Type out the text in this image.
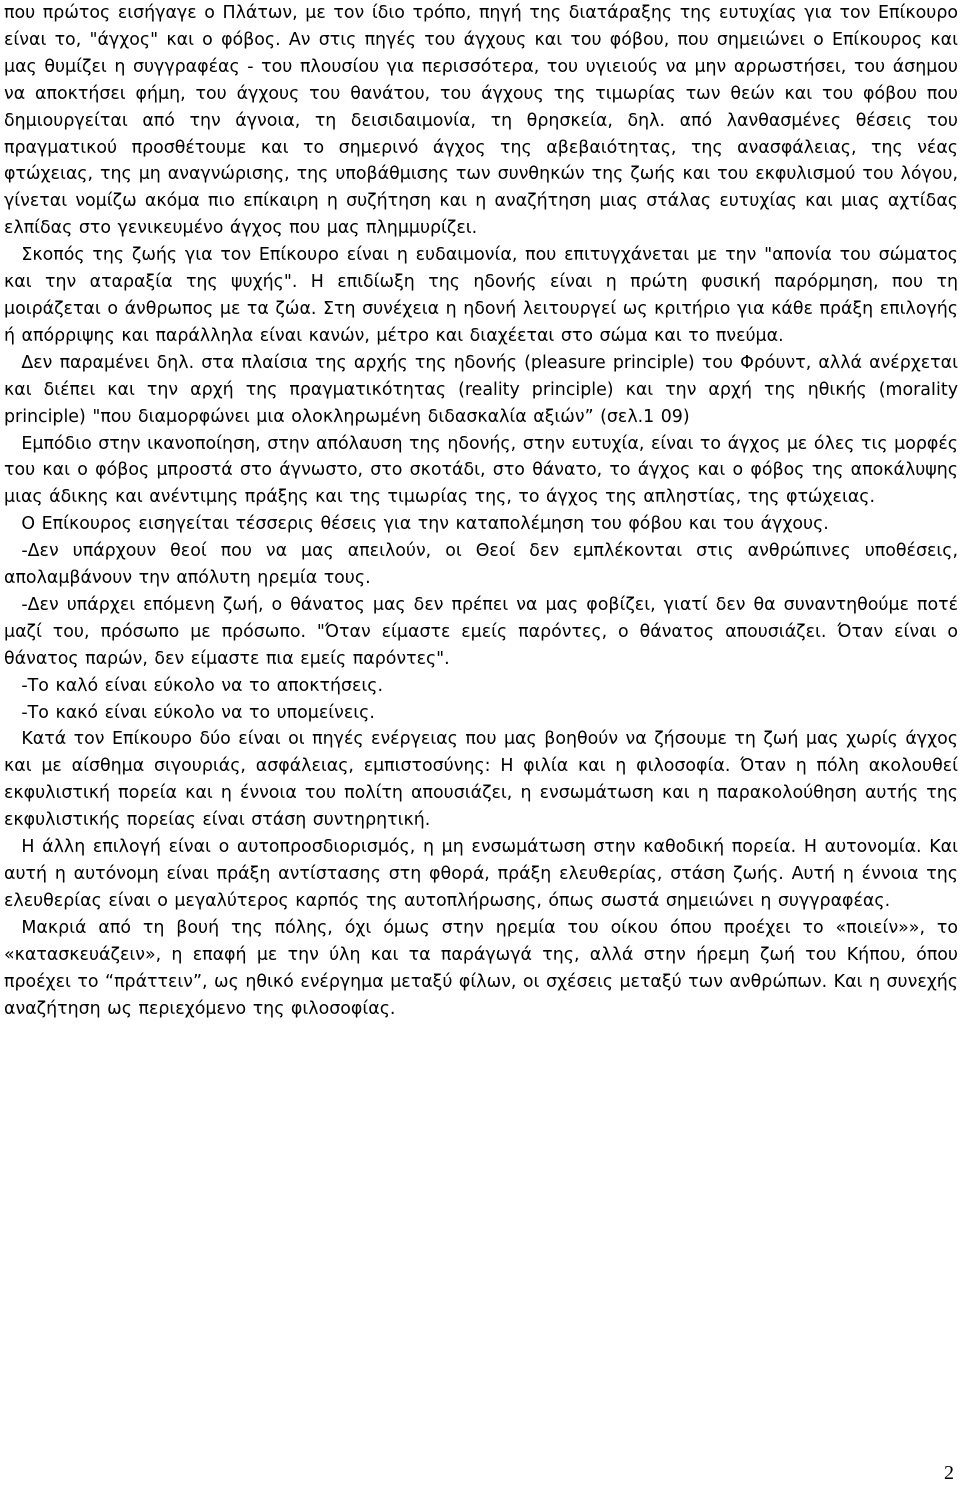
που πρώτος εισήγαγε ο Πλάτων, με τον ίδιο τρόπο, πηγή της διατάραξης της ευτυχίας για τον Επίκουρο είναι το, "άγχος" και ο φόβος. Αν στις πηγές του άγχους και του φόβου, που σημειώνει ο Επίκουρος και μας θυμίζει η συγγραφέας - του πλουσίου για περισσότερα, του υγιειούς να μην αρρωστήσει, του άσημου να αποκτήσει φήμη, του άγχους του θανάτου, του άγχους της τιμωρίας των θεών και του φόβου που δημιουργείται από την άγνοια, τη δεισιδαιμονία, τη θρησκεία, δηλ. από λανθασμένες θέσεις του πραγματικού προσθέτουμε και το σημερινό άγχος της αβεβαιότητας, της ανασφάλειας, της νέας φτώχειας, της μη αναγνώρισης, της υποβάθμισης των συνθηκών της ζωής και του εκφυλισμού του λόγου, γίνεται νομίζω ακόμα πιο επίκαιρη η συζήτηση και η αναζήτηση μιας στάλας ευτυχίας και μιας αχτίδας ελπίδας στο γενικευμένο άγχος που μας πλημμυρίζει.

Σκοπός της ζωής για τον Επίκουρο είναι η ευδαιμονία, που επιτυγχάνεται με την "απονία του σώματος και την αταραξία της ψυχής". Η επιδίωξη της ηδονής είναι η πρώτη φυσική παρόρμηση, που τη μοιράζεται ο άνθρωπος με τα ζώα. Στη συνέχεια η ηδονή λειτουργεί ως κριτήριο για κάθε πράξη επιλογής ή απόρριψης και παράλληλα είναι κανών, μέτρο και διαχέεται στο σώμα και το πνεύμα.

Δεν παραμένει δηλ. στα πλαίσια της αρχής της ηδονής (pleasure principle) του Φρόυντ, αλλά ανέρχεται και διέπει και την αρχή της πραγματικότητας (reality principle) και την αρχή της ηθικής (moraIity principle) "που διαμορφώνει μια ολοκληρωμένη διδασκαλία αξιών” (σελ.1 09)

Εμπόδιο στην ικανοποίηση, στην απόλαυση της ηδονής, στην ευτυχία, είναι το άγχος με όλες τις μορφές του και ο φόβος μπροστά στο άγνωστο, στο σκοτάδι, στο θάνατο, το άγχος και ο φόβος της αποκάλυψης μιας άδικης και ανέντιμης πράξης και της τιμωρίας της, το άγχος της απληστίας, της φτώχειας.

Ο Επίκουρος εισηγείται τέσσερις θέσεις για την καταπολέμηση του φόβου και του άγχους.

-Δεν υπάρχουν θεοί που να μας απειλούν, οι Θεοί δεν εμπλέκονται στις ανθρώπινες υποθέσεις, απολαμβάνουν την απόλυτη ηρεμία τους.

-Δεν υπάρχει επόμενη ζωή, ο θάνατος μας δεν πρέπει να μας φοβίζει, γιατί δεν θα συναντηθούμε ποτέ μαζί του, πρόσωπο με πρόσωπο. "Όταν είμαστε εμείς παρόντες, ο θάνατος απουσιάζει. Όταν είναι ο θάνατος παρών, δεν είμαστε πια εμείς παρόντες".

-Το καλό είναι εύκολο να το αποκτήσεις.

-Το κακό είναι εύκολο να το υπομείνεις.

Κατά τον Επίκουρο δύο είναι οι πηγές ενέργειας που μας βοηθούν να ζήσουμε τη ζωή μας χωρίς άγχος και με αίσθημα σιγουριάς, ασφάλειας, εμπιστοσύνης: Η φιλία και η φιλοσοφία. Όταν η πόλη ακολουθεί εκφυλιστική πορεία και η έννοια του πολίτη απουσιάζει, η ενσωμάτωση και η παρακολούθηση αυτής της εκφυλιστικής πορείας είναι στάση συντηρητική.

Η άλλη επιλογή είναι ο αυτοπροσδιορισμός, η μη ενσωμάτωση στην καθοδική πορεία. Η αυτονομία. Και αυτή η αυτόνομη είναι πράξη αντίστασης στη φθορά, πράξη ελευθερίας, στάση ζωής. Αυτή η έννοια της ελευθερίας είναι ο μεγαλύτερος καρπός της αυτοπλήρωσης, όπως σωστά σημειώνει η συγγραφέας.

Μακριά από τη βουή της πόλης, όχι όμως στην ηρεμία του οίκου όπου προέχει το «ποιείν»», το «κατασκευάζειν», η επαφή με την ύλη και τα παράγωγά της, αλλά στην ήρεμη ζωή του Κήπου, όπου προέχει το “πράττειν”, ως ηθικό ενέργημα μεταξύ φίλων, οι σχέσεις μεταξύ των ανθρώπων. Και η συνεχής αναζήτηση ως περιεχόμενο της φιλοσοφίας.

2
